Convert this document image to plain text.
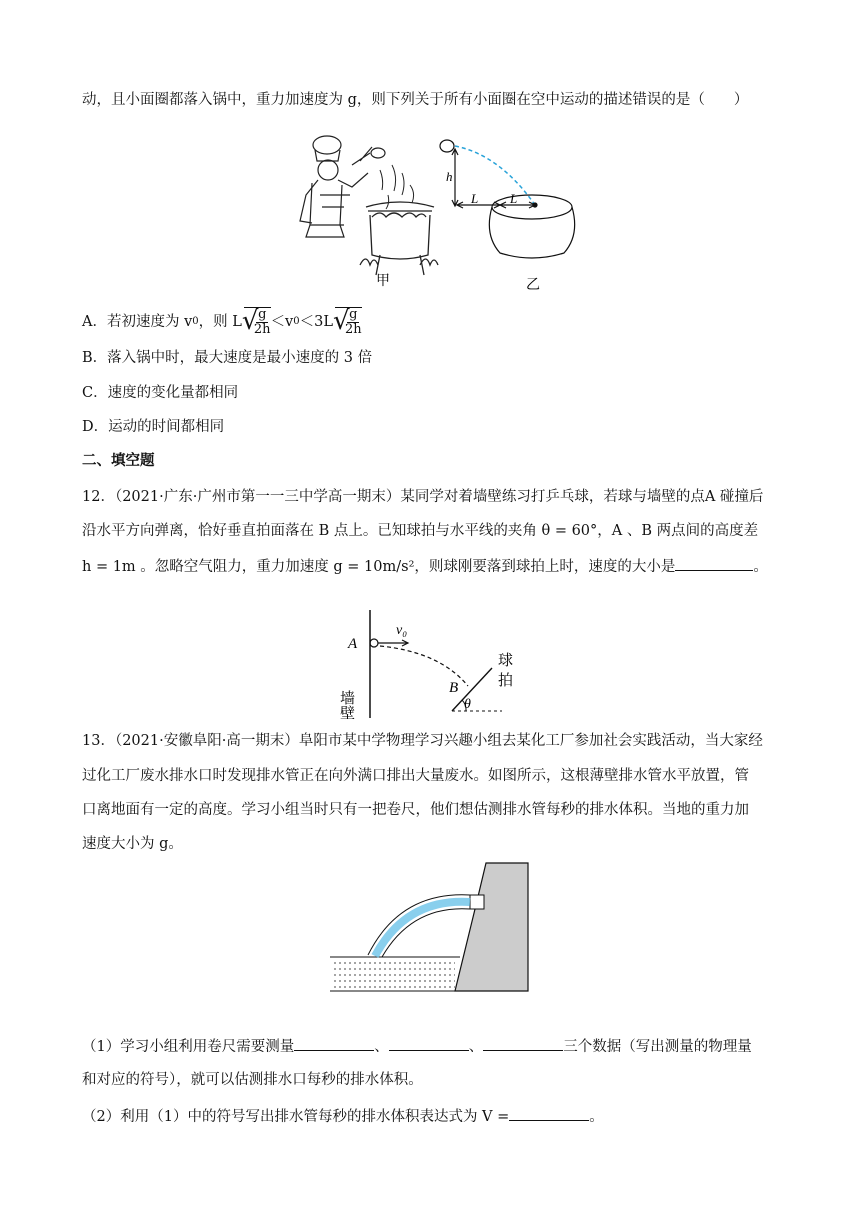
动，且小面圈都落入锅中，重力加速度为 g，则下列关于所有小面圈在空中运动的描述错误的是（　　）
h
L L
甲	乙
A．若初速度为 v 0 ，则 L √ $\frac{g}{2h} <v$ 0 ＜3L √ $\frac{g}{2h}$
B．落入锅中时，最大速度是最小速度的 3 倍
C．速度的变化量都相同
D．运动的时间都相同
二、填空题
12．（2021·广东·广州市第一一三中学高一期末）某同学对着墙壁练习打乒乓球，若球与墙壁的点A 碰撞后
沿水平方向弹离，恰好垂直拍面落在 B 点上。已知球拍与水平线的夹角 θ = 60°，A 、B 两点间的高度差
h = 1m 。忽略空气阻力，重力加速度 g = 10m/s²，则球刚要落到球拍上时，速度的大小是	。
A
v₀
B
θ
球
拍
墙壁
13．（2021·安徽阜阳·高一期末）阜阳市某中学物理学习兴趣小组去某化工厂参加社会实践活动，当大家经
过化工厂废水排水口时发现排水管正在向外满口排出大量废水。如图所示，这根薄壁排水管水平放置，管
口离地面有一定的高度。学习小组当时只有一把卷尺，他们想估测排水管每秒的排水体积。当地的重力加
速度大小为 g。
（1）学习小组利用卷尺需要测量	、	、	三个数据（写出测量的物理量
和对应的符号），就可以估测排水口每秒的排水体积。
（2）利用（1）中的符号写出排水管每秒的排水体积表达式为 V =	。
